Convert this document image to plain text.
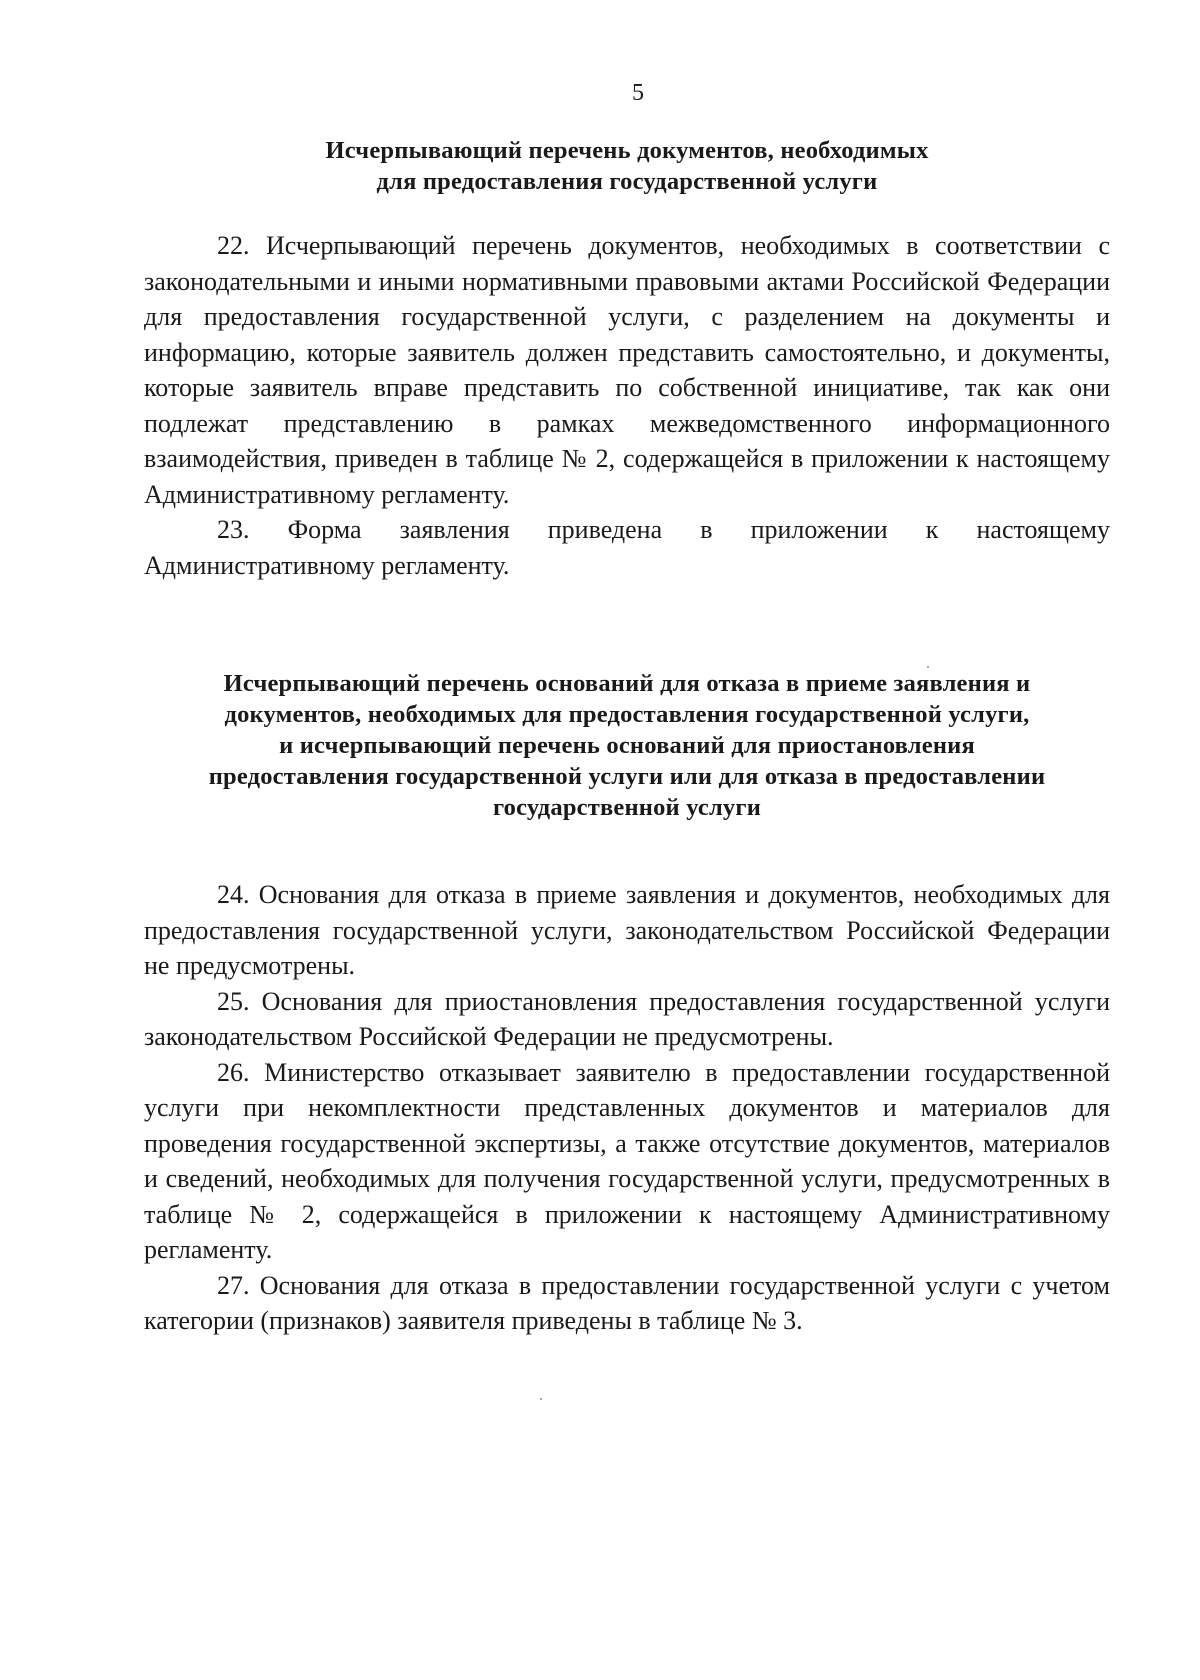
5
Исчерпывающий перечень документов, необходимых
для предоставления государственной услуги

22. Исчерпывающий перечень документов, необходимых в соответствии с законодательными и иными нормативными правовыми актами Российской Федерации для предоставления государственной услуги, с разделением на документы и информацию, которые заявитель должен представить самостоятельно, и документы, которые заявитель вправе представить по собственной инициативе, так как они подлежат представлению в рамках межведомственного информационного взаимодействия, приведен в таблице № 2, содержащейся в приложении к настоящему Административному регламенту.

23. Форма заявления приведена в приложении к настоящему Административному регламенту.

Исчерпывающий перечень оснований для отказа в приеме заявления и
документов, необходимых для предоставления государственной услуги,
и исчерпывающий перечень оснований для приостановления
предоставления государственной услуги или для отказа в предоставлении
государственной услуги

24. Основания для отказа в приеме заявления и документов, необходимых для предоставления государственной услуги, законодательством Российской Федерации не предусмотрены.

25. Основания для приостановления предоставления государственной услуги законодательством Российской Федерации не предусмотрены.

26. Министерство отказывает заявителю в предоставлении государственной услуги при некомплектности представленных документов и материалов для проведения государственной экспертизы, а также отсутствие документов, материалов и сведений, необходимых для получения государственной услуги, предусмотренных в таблице № 2, содержащейся в приложении к настоящему Административному регламенту.

27. Основания для отказа в предоставлении государственной услуги с учетом категории (признаков) заявителя приведены в таблице № 3.
